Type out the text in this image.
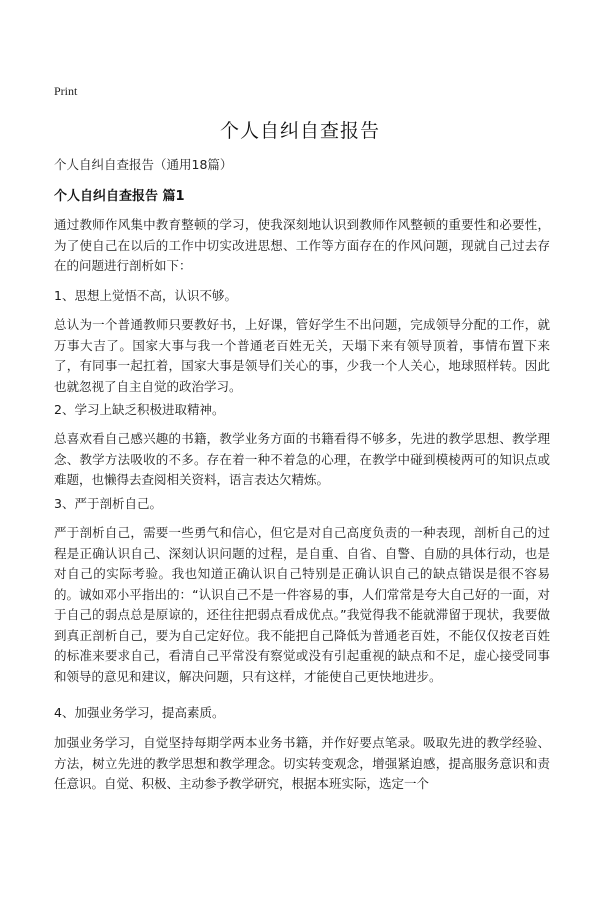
Print
个人自纠自查报告
个人自纠自查报告（通用18篇）
个人自纠自查报告 篇1

通过教师作风集中教育整顿的学习，使我深刻地认识到教师作风整顿的重要性和必要性，为了使自己在以后的工作中切实改进思想、工作等方面存在的作风问题，现就自己过去存在的问题进行剖析如下：

1、思想上觉悟不高，认识不够。

总认为一个普通教师只要教好书，上好课，管好学生不出问题，完成领导分配的工作，就万事大吉了。国家大事与我一个普通老百姓无关，天塌下来有领导顶着，事情布置下来了，有同事一起扛着，国家大事是领导们关心的事，少我一个人关心，地球照样转。因此也就忽视了自主自觉的政治学习。

2、学习上缺乏积极进取精神。

总喜欢看自己感兴趣的书籍，教学业务方面的书籍看得不够多，先进的教学思想、教学理念、教学方法吸收的不多。存在着一种不着急的心理，在教学中碰到模棱两可的知识点或难题，也懒得去查阅相关资料，语言表达欠精炼。

3、严于剖析自己。

严于剖析自己，需要一些勇气和信心，但它是对自己高度负责的一种表现，剖析自己的过程是正确认识自己、深刻认识问题的过程，是自重、自省、自警、自励的具体行动，也是对自己的实际考验。我也知道正确认识自己特别是正确认识自己的缺点错误是很不容易的。诚如邓小平指出的：“认识自己不是一件容易的事，人们常常是夸大自己好的一面，对于自己的弱点总是原谅的，还往往把弱点看成优点。”我觉得我不能就滞留于现状，我要做到真正剖析自己，要为自己定好位。我不能把自己降低为普通老百姓，不能仅仅按老百姓的标准来要求自己，看清自己平常没有察觉或没有引起重视的缺点和不足，虚心接受同事和领导的意见和建议，解决问题，只有这样，才能使自己更快地进步。

4、加强业务学习，提高素质。

加强业务学习，自觉坚持每期学两本业务书籍，并作好要点笔录。吸取先进的教学经验、方法，树立先进的教学思想和教学理念。切实转变观念，增强紧迫感，提高服务意识和责任意识。自觉、积极、主动参予教学研究，根据本班实际，选定一个
